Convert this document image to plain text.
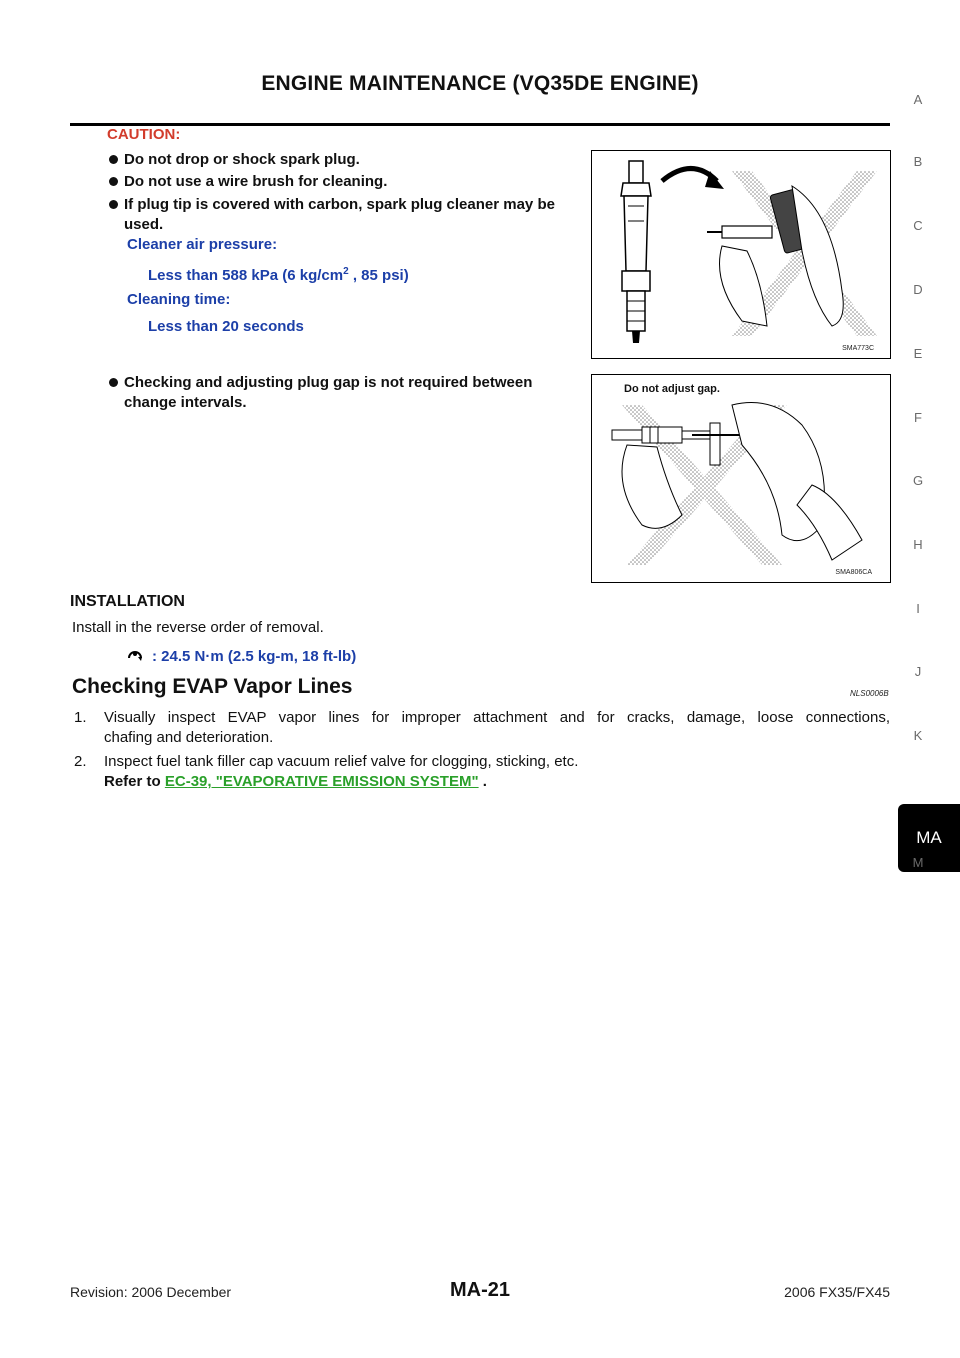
ENGINE MAINTENANCE (VQ35DE ENGINE)
CAUTION:
Do not drop or shock spark plug.
Do not use a wire brush for cleaning.
If plug tip is covered with carbon, spark plug cleaner may be used.
Cleaner air pressure:
Less than 588 kPa (6 $kg/cm^2$ , 85 psi)
Cleaning time:
Less than 20 seconds
Checking and adjusting plug gap is not required between change intervals.
SMA773C
Do not adjust gap.
SMA806CA
INSTALLATION
Install in the reverse order of removal.
: 24.5 N·m (2.5 kg-m, 18 ft-lb)
Checking EVAP Vapor Lines	NLS0006B
1. Visually inspect EVAP vapor lines for improper attachment and for cracks, damage, loose connections,
chafing and deterioration.
2. Inspect fuel tank filler cap vacuum relief valve for clogging, sticking, etc.
Refer to EC-39, "EVAPORATIVE EMISSION SYSTEM" .
A
B
C
D
E
F
G
H
I
J
K
MA
M
Revision: 2006 December	MA-21	2006 FX35/FX45
